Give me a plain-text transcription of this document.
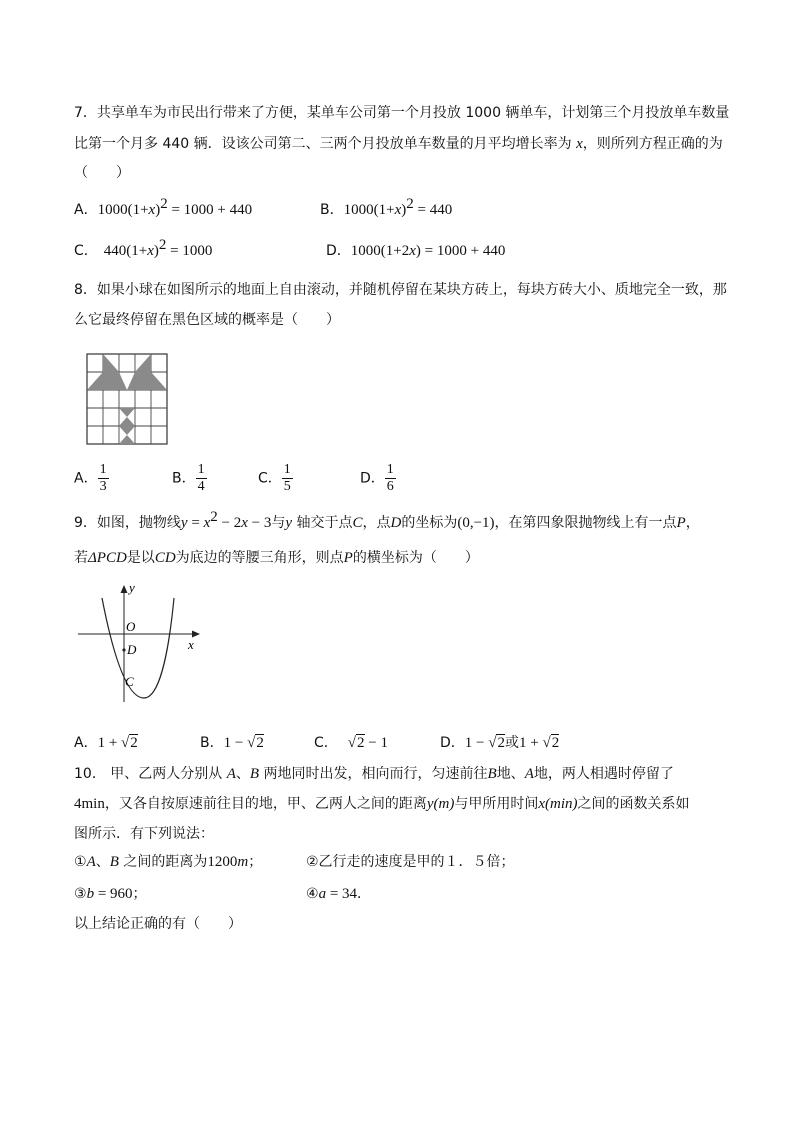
7．共享单车为市民出行带来了方便，某单车公司第一个月投放 1000 辆单车，计划第三个月投放单车数量
比第一个月多 440 辆．设该公司第二、三两个月投放单车数量的月平均增长率为 x，则所列方程正确的为
（　　）
A．$1000(1+x)^2 = 1000 + 440$	B．$1000(1+x)^2 = 440$
C． $440(1+x)^2 = 1000$	D．1000(1+2x) = 1000 + 440
8．如果小球在如图所示的地面上自由滚动，并随机停留在某块方砖上，每块方砖大小、质地完全一致，那
么它最终停留在黑色区域的概率是（　　）
A． $\frac{1}{3}$	B． $\frac{1}{4}$	C． $\frac{1}{5}$	D． $\frac{1}{6}$
9．如图，抛物线$y = x^2 - 2x - 3$与y 轴交于点C，点D的坐标为(0,−1)，在第四象限抛物线上有一点P，
若ΔPCD是以CD为底边的等腰三角形，则点P的横坐标为（　　）
y
O
x
D
C
A．1 + √2	B．1 − √2	C． √2 − 1	D．1 − √2或1 + √2
10． 甲、乙两人分别从 A、B 两地同时出发，相向而行，匀速前往B地、A地，两人相遇时停留了
4min，又各自按原速前往目的地，甲、乙两人之间的距离y(m)与甲所用时间x(min)之间的函数关系如
图所示．有下列说法：
①A、B 之间的距离为1200m；	②乙行走的速度是甲的１．５倍；
③b = 960；	④a = 34．
以上结论正确的有（　　）
